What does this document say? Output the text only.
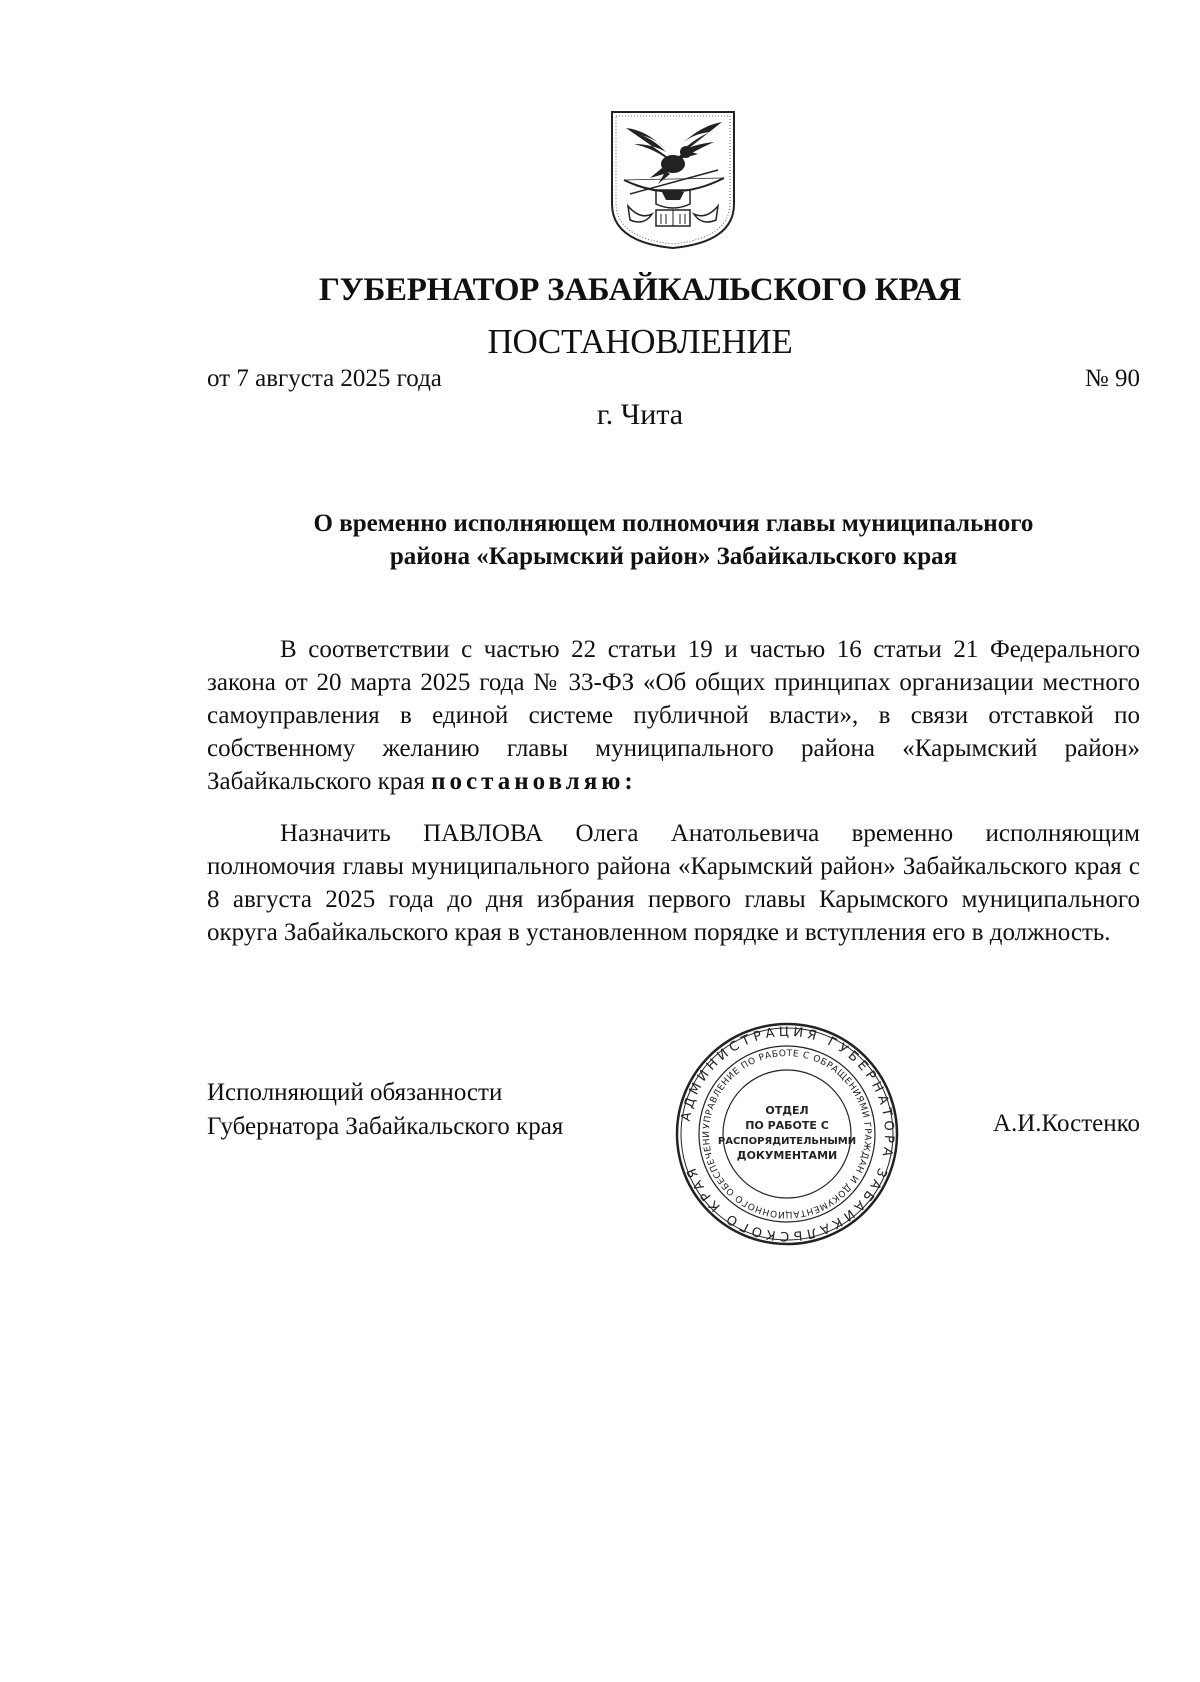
ГУБЕРНАТОР ЗАБАЙКАЛЬСКОГО КРАЯ
ПОСТАНОВЛЕНИЕ
от 7 августа 2025 года	№ 90
г. Чита
О временно исполняющем полномочия главы муниципального
района «Карымский район» Забайкальского края

В соответствии с частью 22 статьи 19 и частью 16 статьи 21 Федерального закона от 20 марта 2025 года № 33-ФЗ «Об общих принципах организации местного самоуправления в единой системе публичной власти», в связи отставкой по собственному желанию главы муниципального района «Карымский район» Забайкальского края постановляю:

Назначить ПАВЛОВА Олега Анатольевича временно исполняющим полномочия главы муниципального района «Карымский район» Забайкальского края с 8 августа 2025 года до дня избрания первого главы Карымского муниципального округа Забайкальского края в установленном порядке и вступления его в должность.

Исполняющий обязанности
Губернатора Забайкальского края	АДМИНИСТРАЦИЯ ГУБЕРНАТОРА ЗАБАЙКАЛЬСКОГО КРАЯ
УПРАВЛЕНИЕ ПО РАБОТЕ С ОБРАЩЕНИЯМИ ГРАЖДАН И ДОКУМЕНТАЦИОННОГО ОБЕСПЕЧЕНИ
ОТДЕЛ
ПО РАБОТЕ С
РАСПОРЯДИТЕЛЬНЫМИ
ДОКУМЕНТАМИ
А.И.Костенко
